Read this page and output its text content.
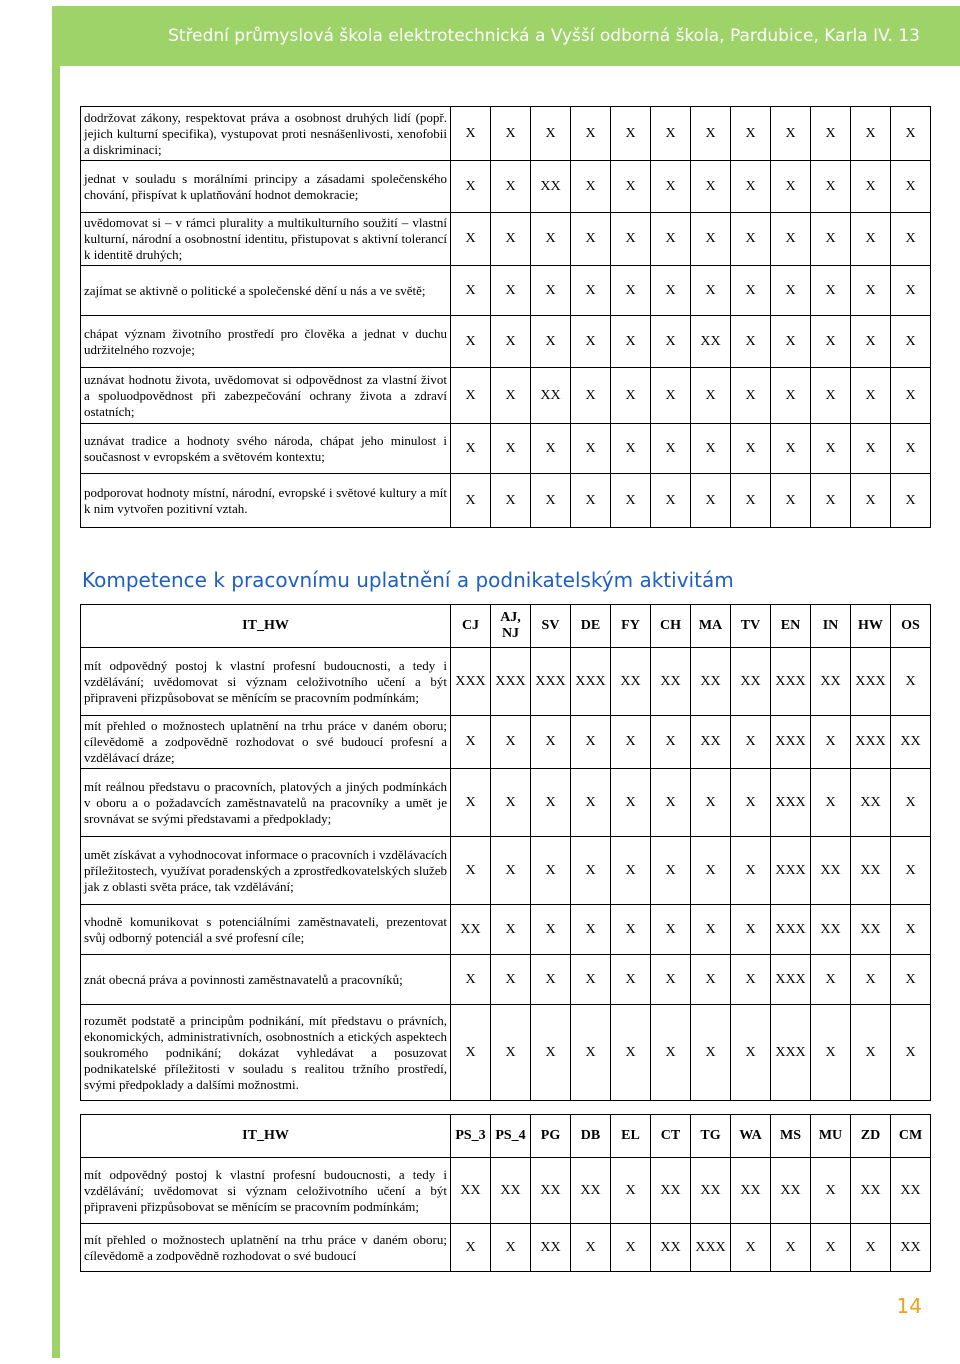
Střední průmyslová škola elektrotechnická a Vyšší odborná škola, Pardubice, Karla IV. 13
dodržovat zákony, respektovat práva a osobnost druhých lidí (popř. jejich kulturní specifika), vystupovat proti nesnášenlivosti, xenofobii a diskriminaci;	X	X	X	X	X	X	X	X	X	X	X	X
jednat v souladu s morálními principy a zásadami společenského chování, přispívat k uplatňování hodnot demokracie;	X	X	XX	X	X	X	X	X	X	X	X	X
uvědomovat si – v rámci plurality a multikulturního soužití – vlastní kulturní, národní a osobnostní identitu, přistupovat s aktivní tolerancí k identitě druhých;	X	X	X	X	X	X	X	X	X	X	X	X
zajímat se aktivně o politické a společenské dění u nás a ve světě;	X	X	X	X	X	X	X	X	X	X	X	X
chápat význam životního prostředí pro člověka a jednat v duchu udržitelného rozvoje;	X	X	X	X	X	X	XX	X	X	X	X	X
uznávat hodnotu života, uvědomovat si odpovědnost za vlastní život a spoluodpovědnost při zabezpečování ochrany života a zdraví ostatních;	X	X	XX	X	X	X	X	X	X	X	X	X
uznávat tradice a hodnoty svého národa, chápat jeho minulost i současnost v evropském a světovém kontextu;	X	X	X	X	X	X	X	X	X	X	X	X
podporovat hodnoty místní, národní, evropské i světové kultury a mít k nim vytvořen pozitivní vztah.	X	X	X	X	X	X	X	X	X	X	X	X
Kompetence k pracovnímu uplatnění a podnikatelským aktivitám
IT_HW	CJ	AJ, NJ	SV	DE	FY	CH	MA	TV	EN	IN	HW	OS
mít odpovědný postoj k vlastní profesní budoucnosti, a tedy i vzdělávání; uvědomovat si význam celoživotního učení a být připraveni přizpůsobovat se měnícím se pracovním podmínkám;	XXX	XXX	XXX	XXX	XX	XX	XX	XX	XXX	XX	XXX	X
mít přehled o možnostech uplatnění na trhu práce v daném oboru; cílevědomě a zodpovědně rozhodovat o své budoucí profesní a vzdělávací dráze;	X	X	X	X	X	X	XX	X	XXX	X	XXX	XX
mít reálnou představu o pracovních, platových a jiných podmínkách v oboru a o požadavcích zaměstnavatelů na pracovníky a umět je srovnávat se svými představami a předpoklady;	X	X	X	X	X	X	X	X	XXX	X	XX	X
umět získávat a vyhodnocovat informace o pracovních i vzdělávacích příležitostech, využívat poradenských a zprostředkovatelských služeb jak z oblasti světa práce, tak vzdělávání;	X	X	X	X	X	X	X	X	XXX	XX	XX	X
vhodně komunikovat s potenciálními zaměstnavateli, prezentovat svůj odborný potenciál a své profesní cíle;	XX	X	X	X	X	X	X	X	XXX	XX	XX	X
znát obecná práva a povinnosti zaměstnavatelů a pracovníků;	X	X	X	X	X	X	X	X	XXX	X	X	X
rozumět podstatě a principům podnikání, mít představu o právních, ekonomických, administrativních, osobnostních a etických aspektech soukromého podnikání; dokázat vyhledávat a posuzovat podnikatelské příležitosti v souladu s realitou tržního prostředí, svými předpoklady a dalšími možnostmi.	X	X	X	X	X	X	X	X	XXX	X	X	X
IT_HW	PS_3	PS_4	PG	DB	EL	CT	TG	WA	MS	MU	ZD	CM
mít odpovědný postoj k vlastní profesní budoucnosti, a tedy i vzdělávání; uvědomovat si význam celoživotního učení a být připraveni přizpůsobovat se měnícím se pracovním podmínkám;	XX	XX	XX	XX	X	XX	XX	XX	XX	X	XX	XX
mít přehled o možnostech uplatnění na trhu práce v daném oboru; cílevědomě a zodpovědně rozhodovat o své budoucí	X	X	XX	X	X	XX	XXX	X	X	X	X	XX
14
